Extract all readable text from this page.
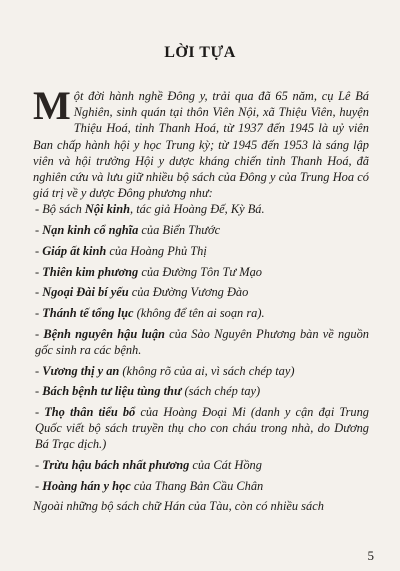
LỜI TỰA

Một đời hành nghề Đông y, trải qua đã 65 năm, cụ Lê Bá Nghiên, sinh quán tại thôn Viên Nội, xã Thiệu Viên, huyện Thiệu Hoá, tỉnh Thanh Hoá, từ 1937 đến 1945 là uỷ viên Ban chấp hành hội y học Trung kỳ; từ 1945 đến 1953 là sáng lập viên và hội trưởng Hội y dược kháng chiến tỉnh Thanh Hoá, đã nghiên cứu và lưu giữ nhiều bộ sách của Đông y của Trung Hoa có giá trị về y dược Đông phương như:

- Bộ sách Nội kinh, tác giả Hoàng Đế, Kỳ Bá.
- Nạn kinh cổ nghĩa của Biển Thước
- Giáp ất kinh của Hoàng Phủ Thị
- Thiên kim phương của Đường Tôn Tư Mạo
- Ngoại Đài bí yếu của Đường Vương Đào
- Thánh tế tổng lục (không để tên ai soạn ra).
- Bệnh nguyên hậu luận của Sào Nguyên Phương bàn về nguồn gốc sinh ra các bệnh.
- Vương thị y an (không rõ của ai, vì sách chép tay)
- Bách bệnh tư liệu tùng thư (sách chép tay)
- Thọ thân tiểu bổ của Hoàng Đoại Mi (danh y cận đại Trung Quốc viết bộ sách truyền thụ cho con cháu trong nhà, do Dương Bá Trạc dịch.)
- Trừu hậu bách nhất phương của Cát Hồng
- Hoàng hán y học của Thang Bản Cầu Chân

Ngoài những bộ sách chữ Hán của Tàu, còn có nhiều sách

5
